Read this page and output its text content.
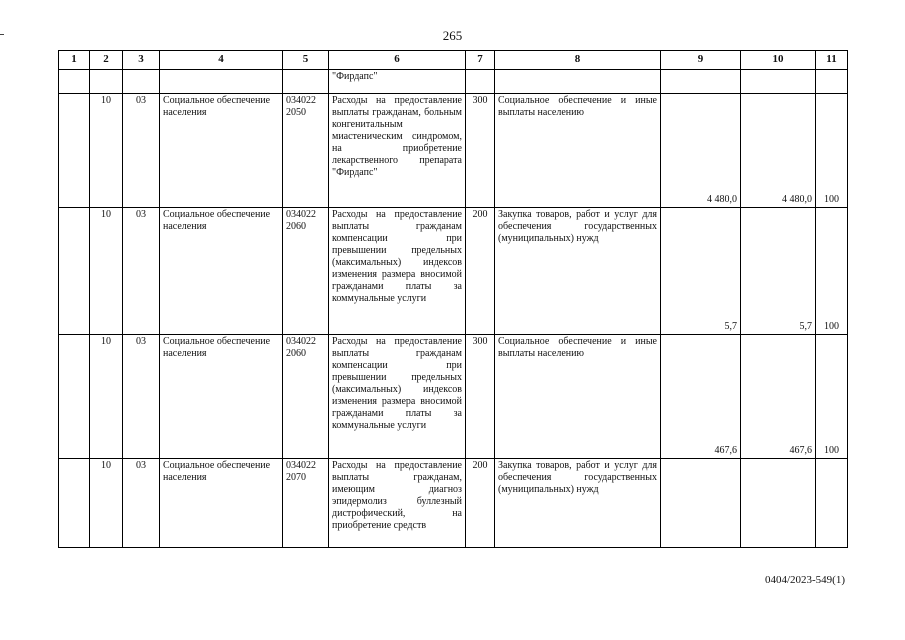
265
1	2	3	4	5	6	7	8	9	10	11
					"Фирдапс"					
	10	03	Социальное обеспечение населения	034022 2050	Расходы на предоставление выплаты гражданам, больным конгенитальным миастеническим синдромом, на приобретение лекарственного препарата "Фирдапс"	300	Социальное обеспечение и иные выплаты населению	4 480,0	4 480,0	100
	10	03	Социальное обеспечение населения	034022 2060	Расходы на предоставление выплаты гражданам компенсации при превышении предельных (максимальных) индексов изменения размера вносимой гражданами платы за коммунальные услуги	200	Закупка товаров, работ и услуг для обеспечения государственных (муниципальных) нужд	5,7	5,7	100
	10	03	Социальное обеспечение населения	034022 2060	Расходы на предоставление выплаты гражданам компенсации при превышении предельных (максимальных) индексов изменения размера вносимой гражданами платы за коммунальные услуги	300	Социальное обеспечение и иные выплаты населению	467,6	467,6	100
	10	03	Социальное обеспечение населения	034022 2070	Расходы на предоставление выплаты гражданам, имеющим диагноз эпидермолиз буллезный дистрофический, на приобретение средств	200	Закупка товаров, работ и услуг для обеспечения государственных (муниципальных) нужд			
0404/2023-549(1)
